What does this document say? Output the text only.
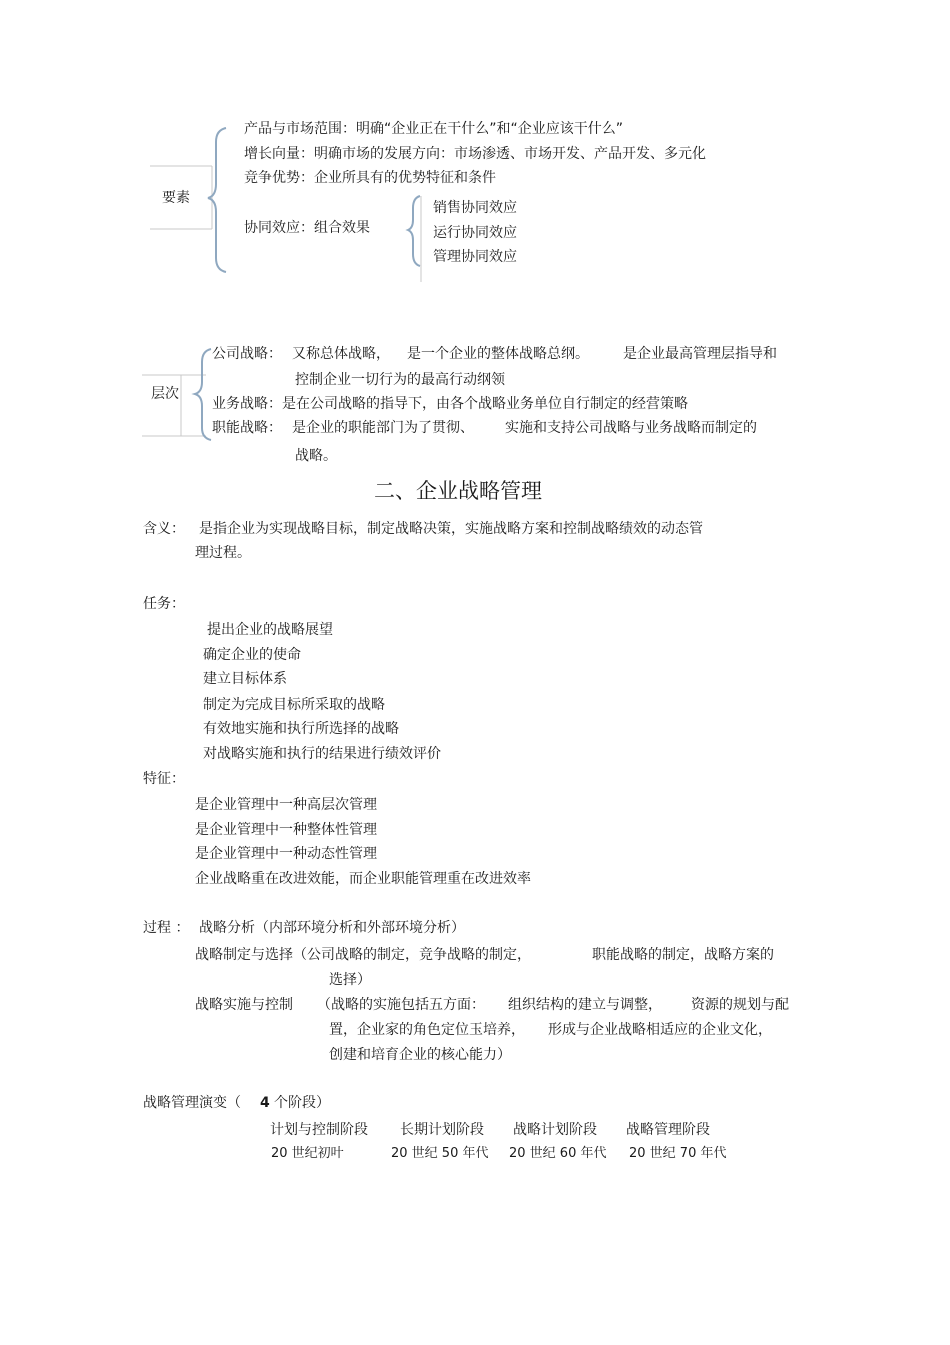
要素
产品与市场范围：明确“企业正在干什么”和“企业应该干什么”
增长向量：明确市场的发展方向：市场渗透、市场开发、产品开发、多元化
竞争优势：企业所具有的优势特征和条件
协同效应：组合效果
销售协同效应
运行协同效应
管理协同效应
层次
公司战略： 又称总体战略， 是一个企业的整体战略总纲。 是企业最高管理层指导和
控制企业一切行为的最高行动纲领
业务战略：是在公司战略的指导下，由各个战略业务单位自行制定的经营策略
职能战略： 是企业的职能部门为了贯彻、 实施和支持公司战略与业务战略而制定的
战略。
二、企业战略管理
含义： 是指企业为实现战略目标，制定战略决策，实施战略方案和控制战略绩效的动态管
理过程。
任务：
提出企业的战略展望
确定企业的使命
建立目标体系
制定为完成目标所采取的战略
有效地实施和执行所选择的战略
对战略实施和执行的结果进行绩效评价
特征：
是企业管理中一种高层次管理
是企业管理中一种整体性管理
是企业管理中一种动态性管理
企业战略重在改进效能，而企业职能管理重在改进效率
过程 ： 战略分析（内部环境分析和外部环境分析）
战略制定与选择（公司战略的制定，竞争战略的制定，	职能战略的制定，战略方案的
选择）
战略实施与控制 （战略的实施包括五方面： 组织结构的建立与调整， 资源的规划与配
置，企业家的角色定位玉培养， 形成与企业战略相适应的企业文化，
创建和培育企业的核心能力）
战略管理演变（ 4 个阶段）
计划与控制阶段 长期计划阶段 战略计划阶段 战略管理阶段
20 世纪初叶	20 世纪 50 年代 20 世纪 60 年代 20 世纪 70 年代
